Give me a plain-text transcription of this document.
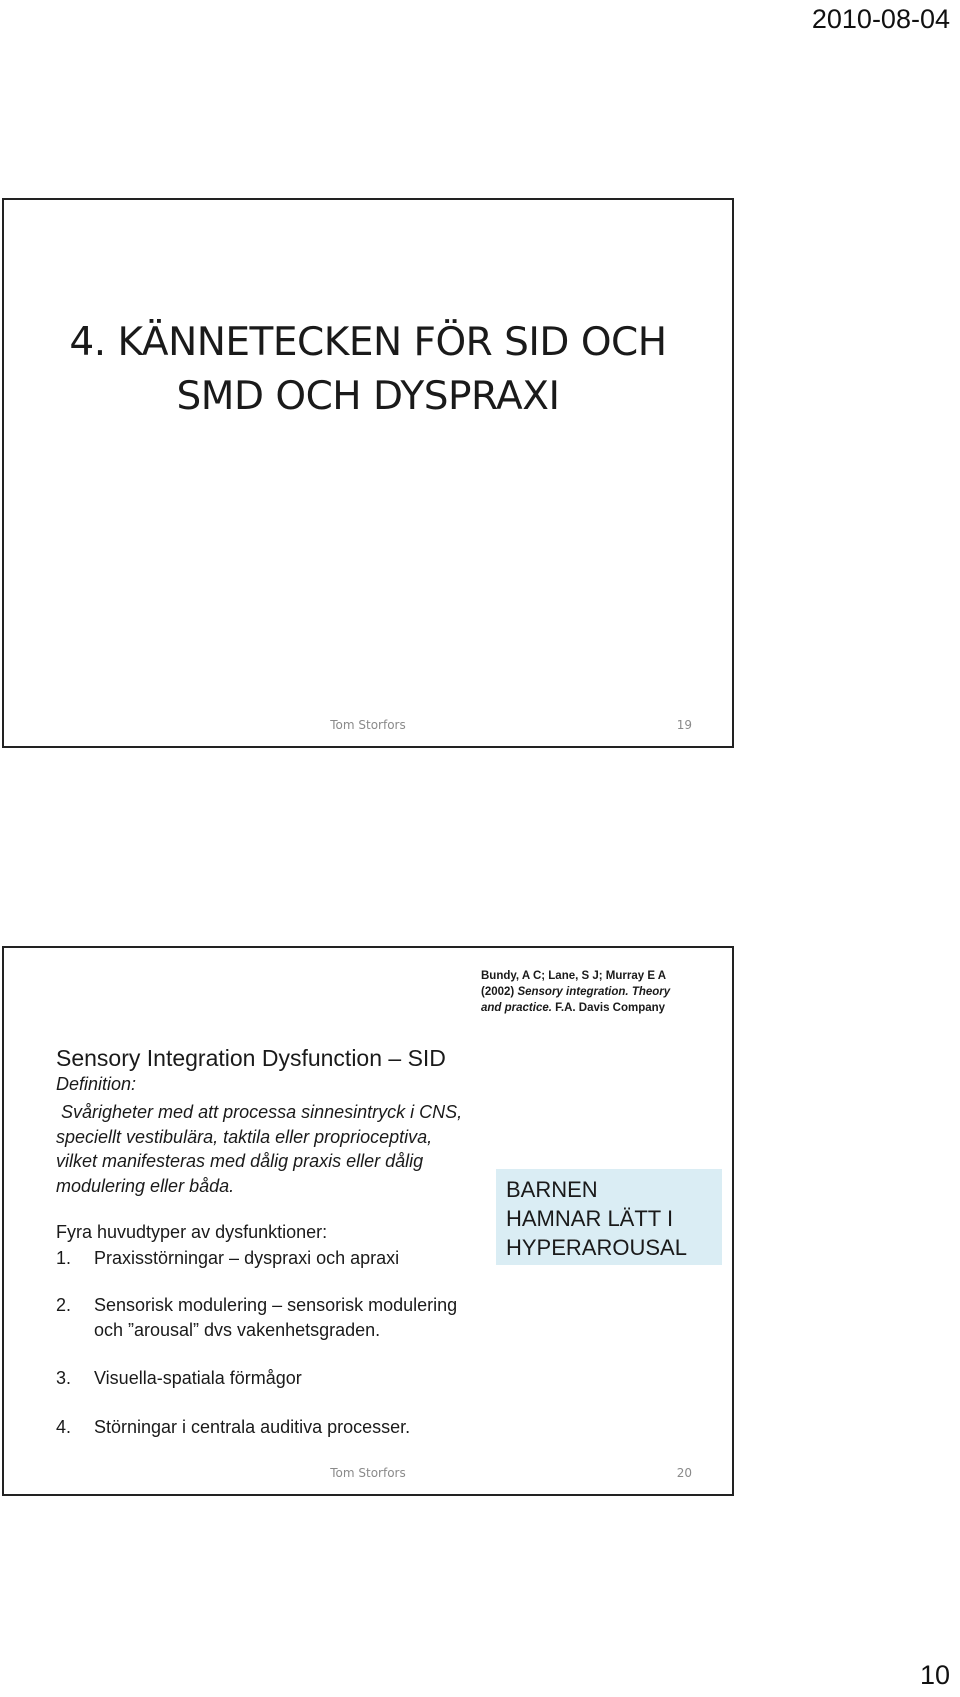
2010-08-04
4. KÄNNETECKEN FÖR SID OCH
SMD OCH DYSPRAXI
Tom Storfors	19
Bundy, A C; Lane, S J; Murray E A
(2002) Sensory integration. Theory
and practice. F.A. Davis Company
Sensory Integration Dysfunction – SID
Definition:
Svårigheter med att processa sinnesintryck i CNS,
speciellt vestibulära, taktila eller proprioceptiva,
vilket manifesteras med dålig praxis eller dålig
modulering eller båda.
Fyra huvudtyper av dysfunktioner:
1. Praxisstörningar – dyspraxi och apraxi
2. Sensorisk modulering – sensorisk modulering
och ”arousal” dvs vakenhetsgraden.
3. Visuella-spatiala förmågor
4. Störningar i centrala auditiva processer.
BARNEN
HAMNAR LÄTT I
HYPERAROUSAL
Tom Storfors	20
10
